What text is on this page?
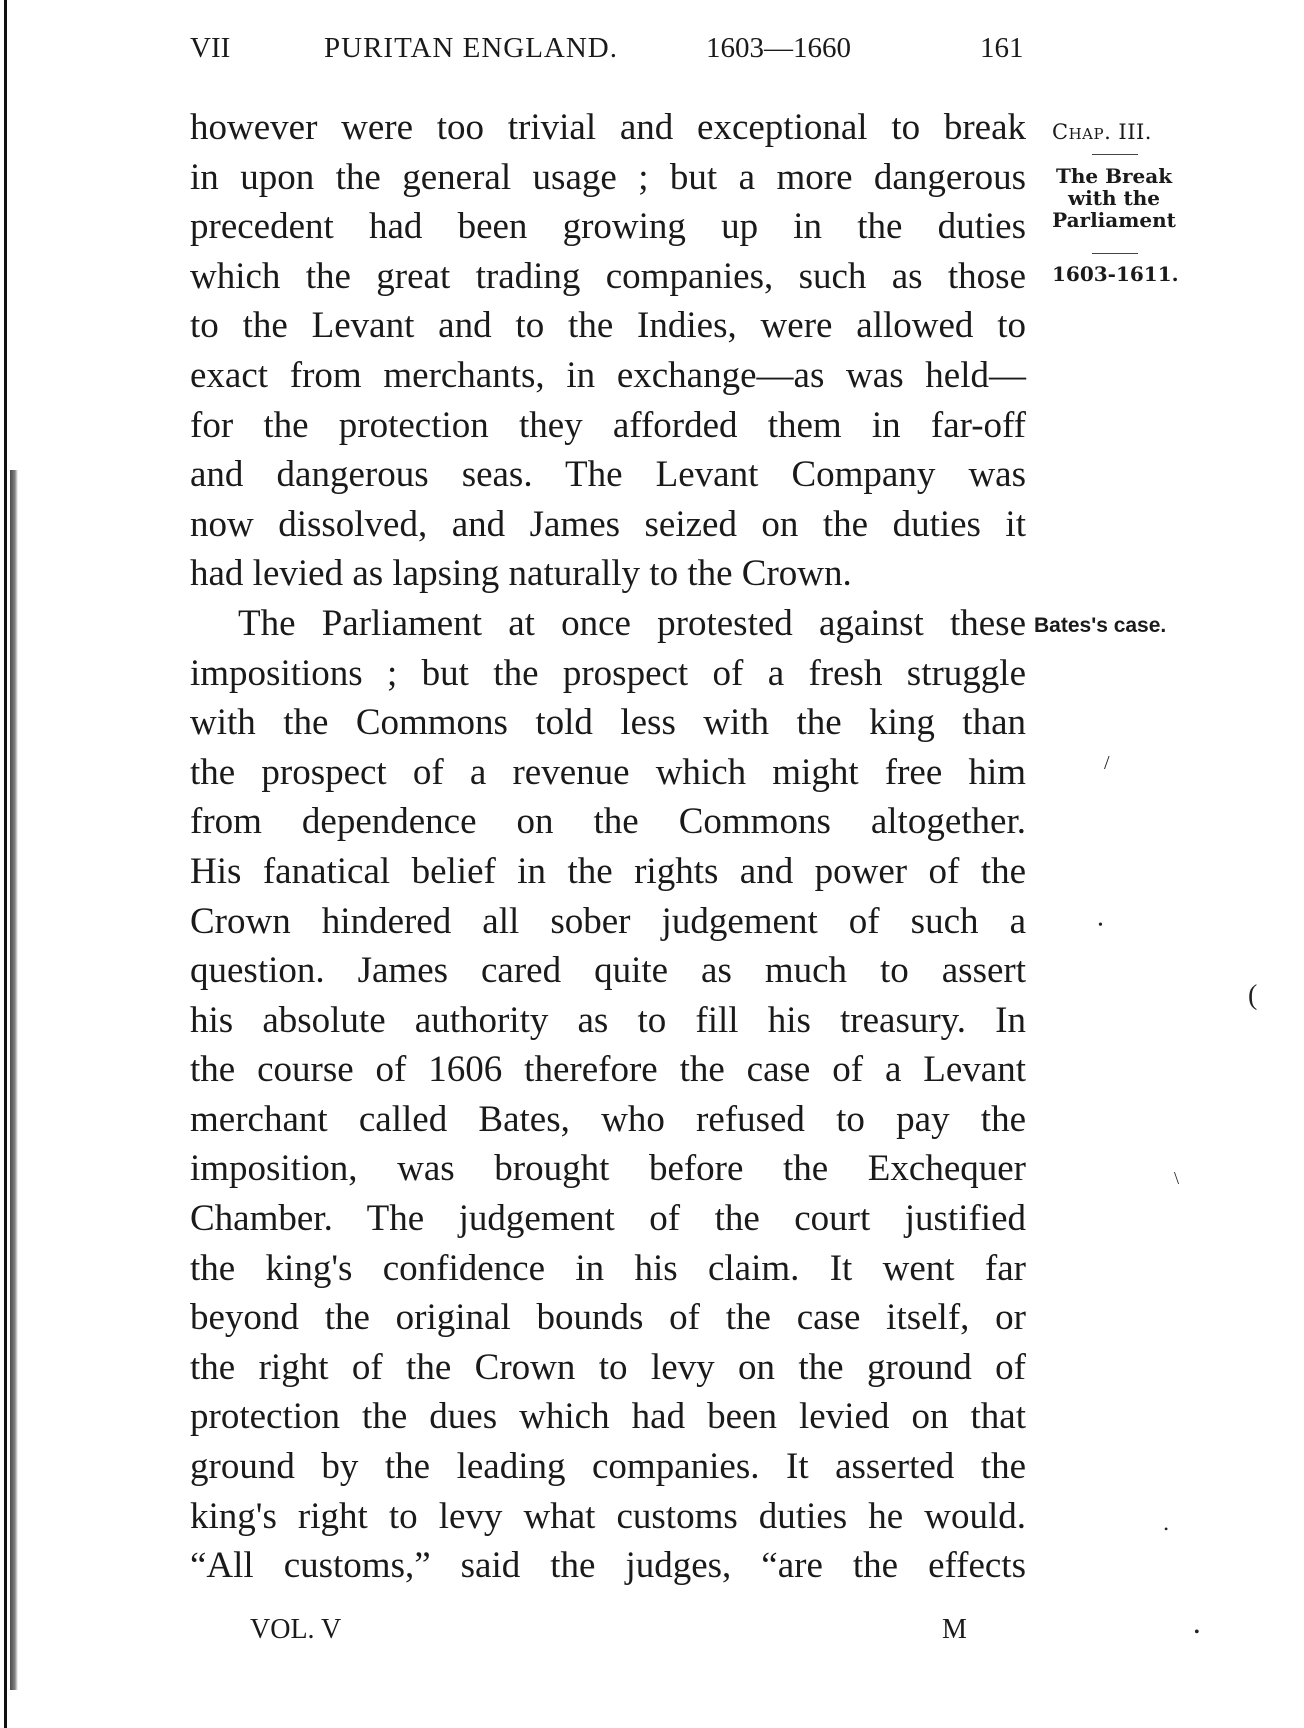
VII	PURITAN ENGLAND.	1603—1660	161
however were too trivial and exceptional to break
in upon the general usage ; but a more dangerous
precedent had been growing up in the duties
which the great trading companies, such as those
to the Levant and to the Indies, were allowed to
exact from merchants, in exchange—as was held—
for the protection they afforded them in far-off
and dangerous seas. The Levant Company was
now dissolved, and James seized on the duties it
had levied as lapsing naturally to the Crown.
The Parliament at once protested against these
impositions ; but the prospect of a fresh struggle
with the Commons told less with the king than
the prospect of a revenue which might free him
from dependence on the Commons altogether.
His fanatical belief in the rights and power of the
Crown hindered all sober judgement of such a
question. James cared quite as much to assert
his absolute authority as to fill his treasury. In
the course of 1606 therefore the case of a Levant
merchant called Bates, who refused to pay the
imposition, was brought before the Exchequer
Chamber. The judgement of the court justified
the king's confidence in his claim. It went far
beyond the original bounds of the case itself, or
the right of the Crown to levy on the ground of
protection the dues which had been levied on that
ground by the leading companies. It asserted the
king's right to levy what customs duties he would.
“All customs,” said the judges, “are the effects
Chap. III.
The Break
with the
Parliament
1603-1611.
Bates's case.
VOL. V	M
/
•
(
\
•
•
